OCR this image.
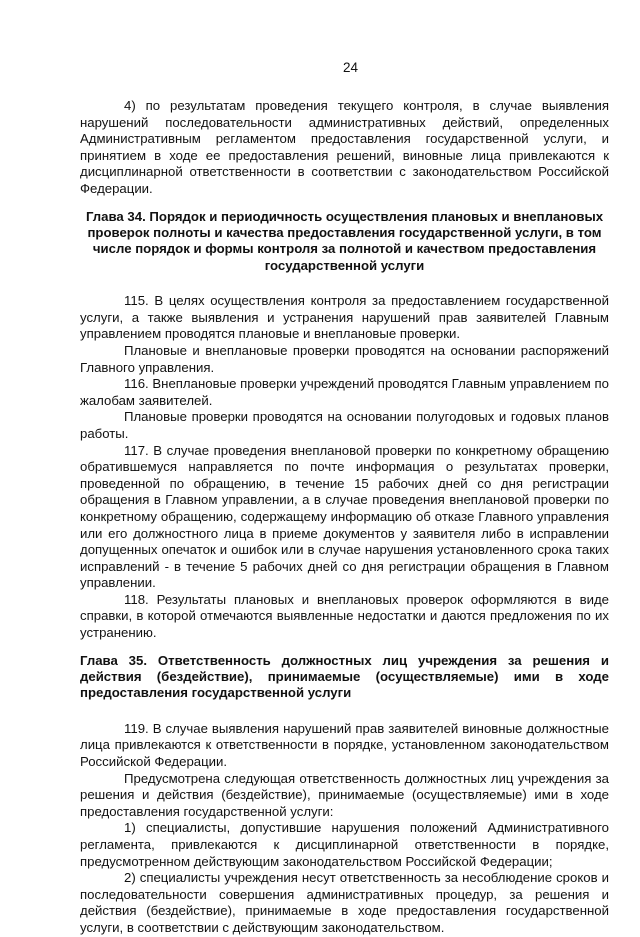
24

4) по результатам проведения текущего контроля, в случае выявления нарушений последовательности административных действий, определенных Административным регламентом предоставления государственной услуги, и принятием в ходе ее предоставления решений, виновные лица привлекаются к дисциплинарной ответственности в соответствии с законодательством Российской Федерации.

Глава 34. Порядок и периодичность осуществления плановых и внеплановых проверок полноты и качества предоставления государственной услуги, в том числе порядок и формы контроля за полнотой и качеством предоставления государственной услуги

115. В целях осуществления контроля за предоставлением государственной услуги, а также выявления и устранения нарушений прав заявителей Главным управлением проводятся плановые и внеплановые проверки.

Плановые и внеплановые проверки проводятся на основании распоряжений Главного управления.

116. Внеплановые проверки учреждений проводятся Главным управлением по жалобам заявителей.

Плановые проверки проводятся на основании полугодовых и годовых планов работы.

117. В случае проведения внеплановой проверки по конкретному обращению обратившемуся направляется по почте информация о результатах проверки, проведенной по обращению, в течение 15 рабочих дней со дня регистрации обращения в Главном управлении, а в случае проведения внеплановой проверки по конкретному обращению, содержащему информацию об отказе Главного управления или его должностного лица в приеме документов у заявителя либо в исправлении допущенных опечаток и ошибок или в случае нарушения установленного срока таких исправлений - в течение 5 рабочих дней со дня регистрации обращения в Главном управлении.

118. Результаты плановых и внеплановых проверок оформляются в виде справки, в которой отмечаются выявленные недостатки и даются предложения по их устранению.

Глава 35. Ответственность должностных лиц учреждения за решения и действия (бездействие), принимаемые (осуществляемые) ими в ходе предоставления государственной услуги

119. В случае выявления нарушений прав заявителей виновные должностные лица привлекаются к ответственности в порядке, установленном законодательством Российской Федерации.

Предусмотрена следующая ответственность должностных лиц учреждения за решения и действия (бездействие), принимаемые (осуществляемые) ими в ходе предоставления государственной услуги:

1) специалисты, допустившие нарушения положений Административного регламента, привлекаются к дисциплинарной ответственности в порядке, предусмотренном действующим законодательством Российской Федерации;

2) специалисты учреждения несут ответственность за несоблюдение сроков и последовательности совершения административных процедур, за решения и действия (бездействие), принимаемые в ходе предоставления государственной услуги, в соответствии с действующим законодательством.
